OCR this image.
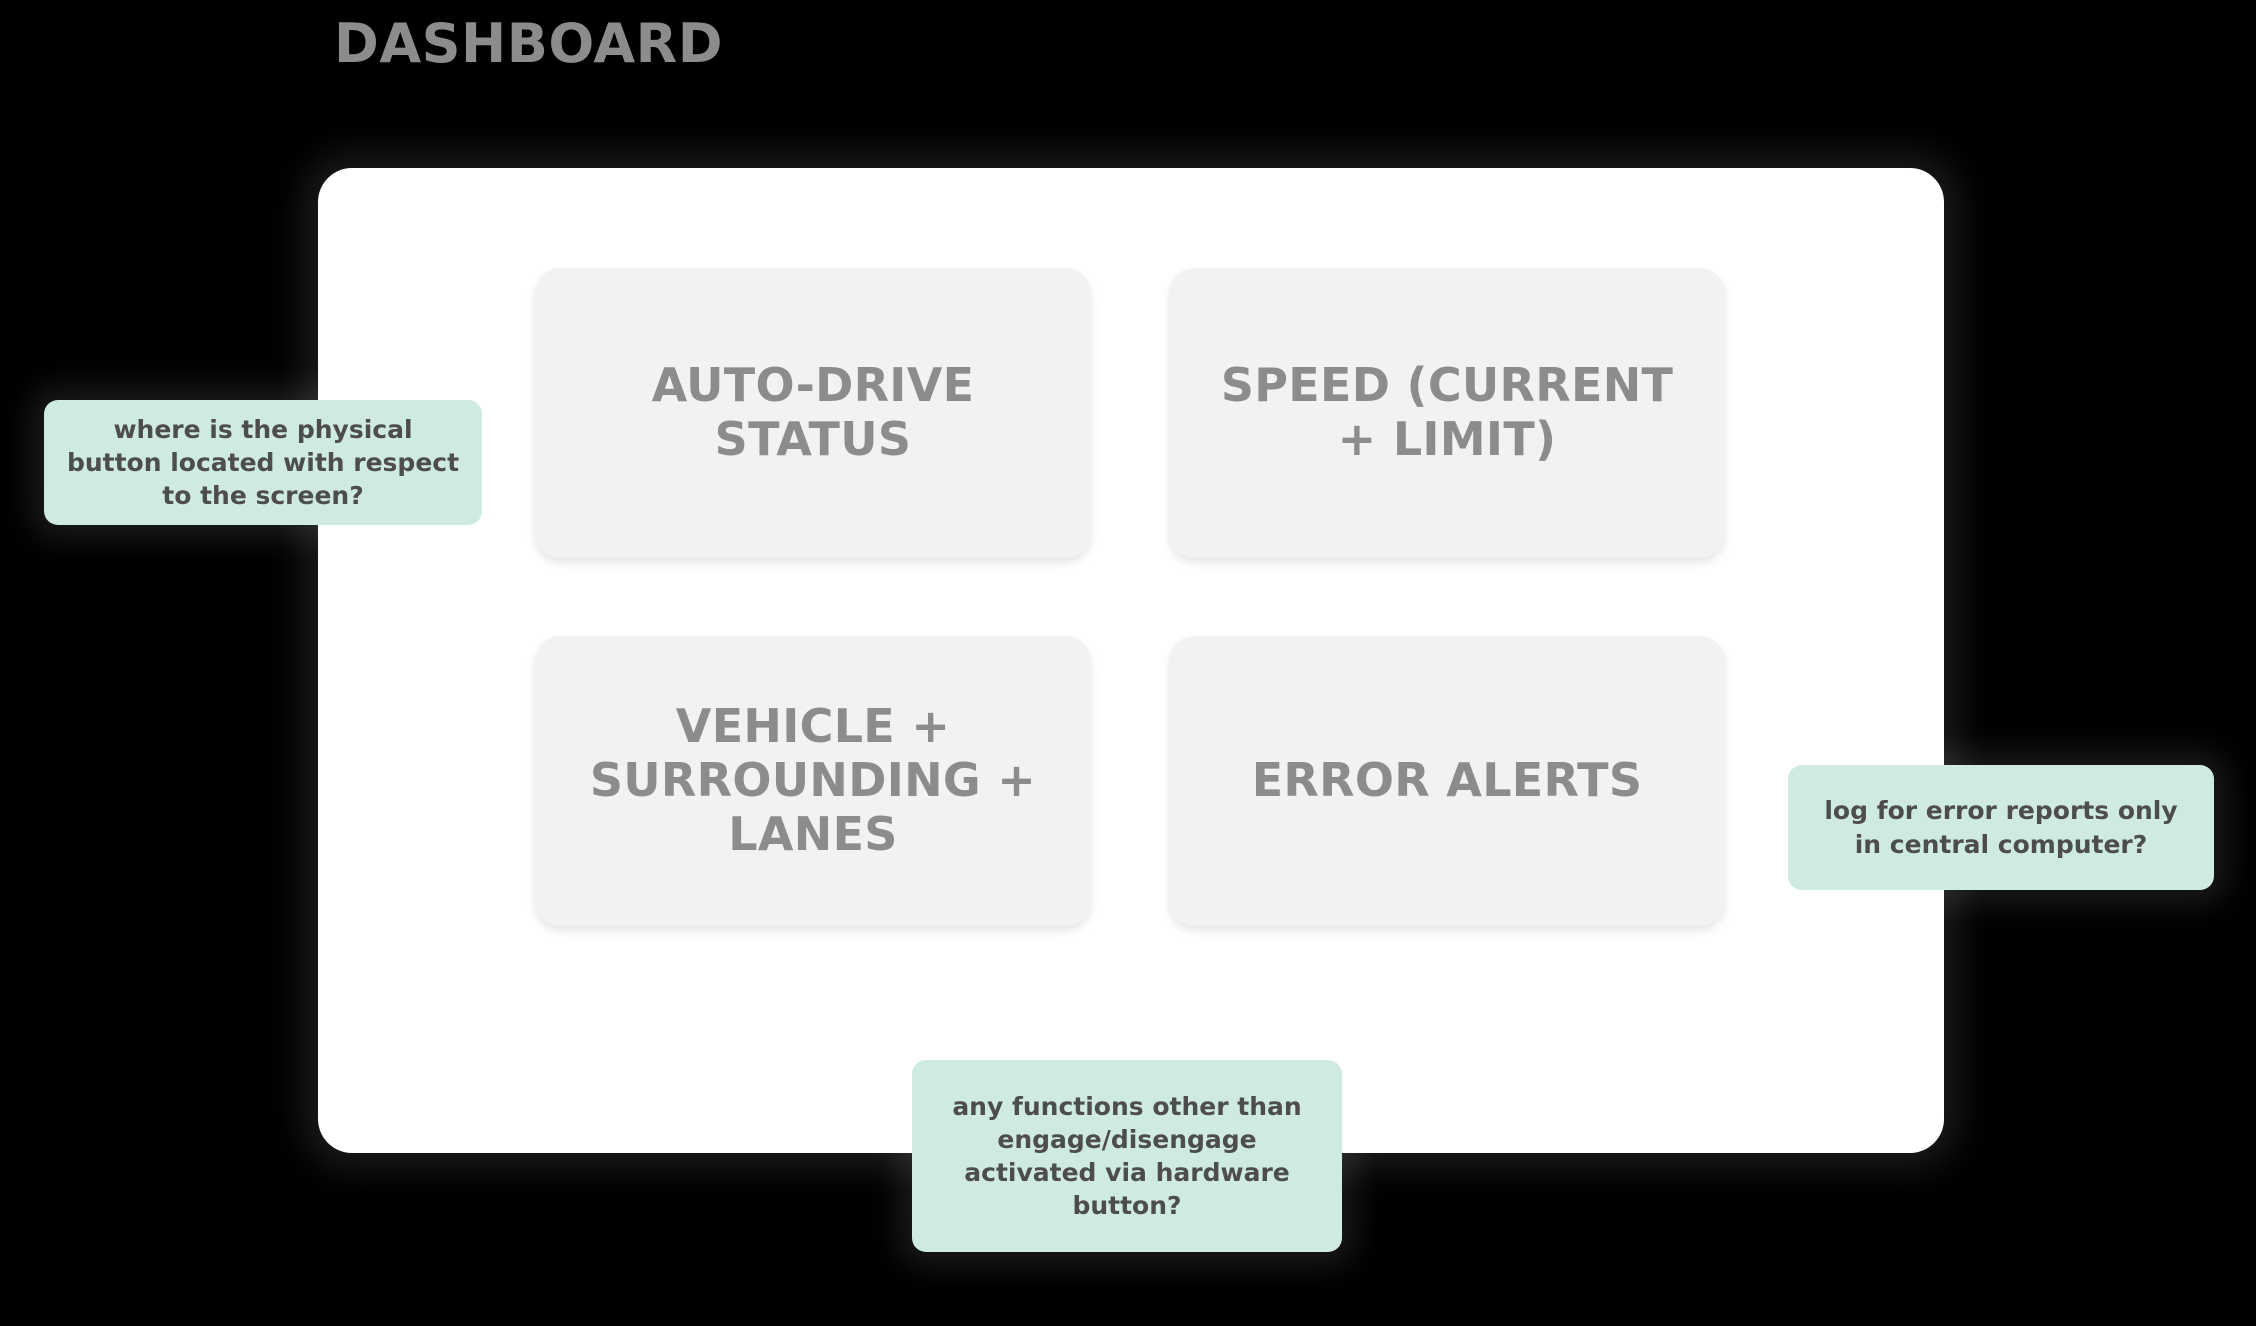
DASHBOARD
AUTO-DRIVE STATUS
SPEED (CURRENT + LIMIT)
VEHICLE + SURROUNDING + LANES
ERROR ALERTS
where is the physical button located with respect to the screen?
log for error reports only in central computer?
any functions other than engage/disengage activated via hardware button?
